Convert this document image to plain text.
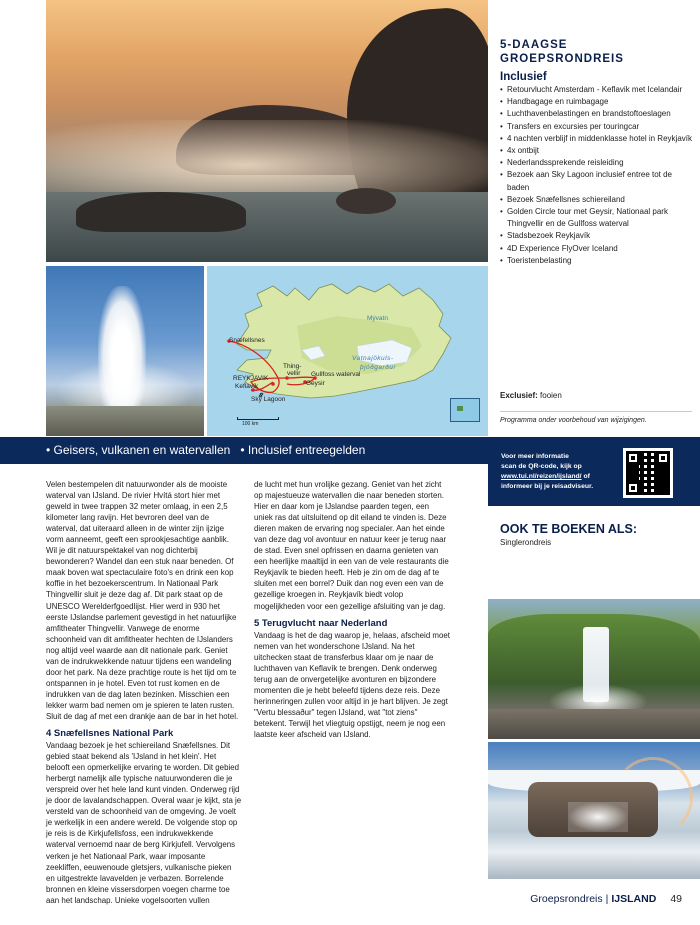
Snæfellsnes
Mývatn
Vatnajökuls-
þjóðgarður
Thing-
vellir Gullfoss waterval
Geysir
REYKJAVIK
Keflavík
Sky Lagoon
100 km
5-DAAGSE
GROEPSRONDREIS
Inclusief
• Retourvlucht Amsterdam - Keflavik met Icelandair
• Handbagage en ruimbagage
• Luchthavenbelastingen en brandstoftoeslagen
• Transfers en excursies per touringcar
• 4 nachten verblijf in middenklasse hotel in Reykjavík
• 4x ontbijt
• Nederlandssprekende reisleiding
• Bezoek aan Sky Lagoon inclusief entree tot de baden
• Bezoek Snæfellsnes schiereiland
• Golden Circle tour met Geysir, Nationaal park Thingvellir en de Gullfoss waterval
• Stadsbezoek Reykjavík
• 4D Experience FlyOver Iceland
• Toeristenbelasting
Exclusief: fooien
Programma onder voorbehoud van wijzigingen.
• Geisers, vulkanen en watervallen   • Inclusief entreegelden	Voor meer informatie
scan de QR-code, kijk op
www.tui.nl/reizen/ijsland/ of
informeer bij je reisadviseur.
OOK TE BOEKEN ALS:
Singlerondreis

Velen bestempelen dit natuurwonder als de mooiste waterval van IJsland. De rivier Hvítá stort hier met geweld in twee trappen 32 meter omlaag, in een 2,5 kilometer lang ravijn. Het bevroren deel van de waterval, dat uiteraard alleen in de winter zijn ijzige vorm aanneemt, geeft een sprookjesachtige aanblik. Wil je dit natuurspektakel van nog dichterbij bewonderen? Wandel dan een stuk naar beneden. Of maak boven wat spectaculaire foto's en drink een kop koffie in het bezoekerscentrum. In Nationaal Park Thingvellir sluit je deze dag af. Dit park staat op de UNESCO Werelderfgoedlijst. Hier werd in 930 het eerste IJslandse parlement gevestigd in het natuurlijke amfitheater Thingvellir. Vanwege de enorme schoonheid van dit amfitheater hechten de IJslanders nog altijd veel waarde aan dit nationale park. Geniet van de indrukwekkende natuur tijdens een wandeling door het park. Na deze prachtige route is het tijd om te ontspannen in je hotel. Even tot rust komen en de indrukken van de dag laten bezinken. Misschien een lekker warm bad nemen om je spieren te laten rusten. Sluit de dag af met een drankje aan de bar in het hotel.

4 Snæfellsnes National Park

Vandaag bezoek je het schiereiland Snæfellsnes. Dit gebied staat bekend als 'IJsland in het klein'. Het belooft een opmerkelijke ervaring te worden. Dit gebied herbergt namelijk alle typische natuurwonderen die je verspreid over het hele land kunt vinden. Onderweg rijd je door de lavalandschappen. Overal waar je kijkt, sta je versteld van de schoonheid van de omgeving. Je voelt je werkelijk in een andere wereld. De volgende stop op je reis is de Kirkjufellsfoss, een indrukwekkende waterval vernoemd naar de berg Kirkjufell. Vervolgens verken je het Nationaal Park, waar imposante zeekliffen, eeuwenoude gletsjers, vulkanische pieken en uitgestrekte lavavelden je verbazen. Borrelende bronnen en kleine vissersdorpen voegen charme toe aan het landschap. Unieke vogelsoorten vullen

de lucht met hun vrolijke gezang. Geniet van het zicht op majestueuze watervallen die naar beneden storten. Hier en daar kom je IJslandse paarden tegen, een uniek ras dat uitsluitend op dit eiland te vinden is. Deze dieren maken de ervaring nog specialer. Aan het einde van deze dag vol avontuur en natuur keer je terug naar de stad. Even snel opfrissen en daarna genieten van een heerlijke maaltijd in een van de vele restaurants die Reykjavík te bieden heeft. Heb je zin om de dag af te sluiten met een borrel? Duik dan nog even een van de gezellige kroegen in. Reykjavík biedt volop mogelijkheden voor een gezellige afsluiting van je dag.

5 Terugvlucht naar Nederland

Vandaag is het de dag waarop je, helaas, afscheid moet nemen van het wonderschone IJsland. Na het uitchecken staat de transferbus klaar om je naar de luchthaven van Keflavík te brengen. Denk onderweg terug aan de onvergetelijke avonturen en bijzondere momenten die je hebt beleefd tijdens deze reis. Deze herinneringen zullen voor altijd in je hart blijven. Je zegt "Vertu blessaður" tegen IJsland, wat "tot ziens" betekent. Terwijl het vliegtuig opstijgt, neem je nog een laatste keer afscheid van IJsland.

Groepsrondreis | IJSLAND 49
